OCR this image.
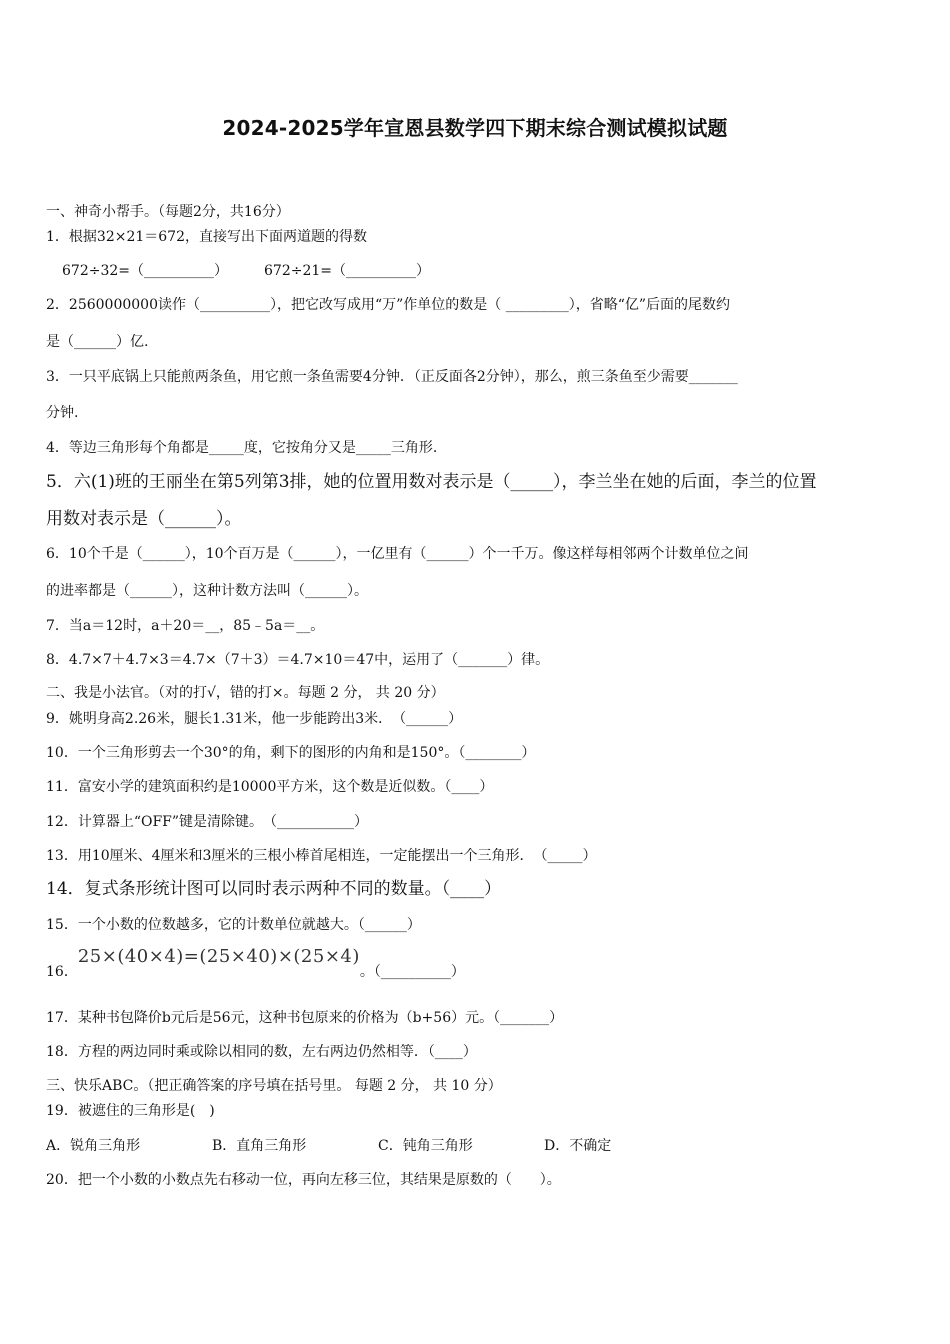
2024-2025学年宣恩县数学四下期末综合测试模拟试题
一、神奇小帮手。（每题2分，共16分）
1．根据32×21＝672，直接写出下面两道题的得数
672÷32=（__________）	672÷21=（__________）
2．2560000000读作（__________），把它改写成用“万”作单位的数是（ _________），省略“亿”后面的尾数约
是（______）亿.
3．一只平底锅上只能煎两条鱼，用它煎一条鱼需要4分钟．（正反面各2分钟），那么，煎三条鱼至少需要_______
分钟.
4．等边三角形每个角都是_____度，它按角分又是_____三角形.
5．六(1)班的王丽坐在第5列第3排，她的位置用数对表示是（_____），李兰坐在她的后面，李兰的位置
用数对表示是（______）。
6．10个千是（______），10个百万是（______），一亿里有（______）个一千万。像这样每相邻两个计数单位之间
的进率都是（______），这种计数方法叫（______）。
7．当a＝12时，a＋20＝__，85﹣5a＝__。
8．4.7×7＋4.7×3＝4.7×（7＋3）＝4.7×10＝47中，运用了（_______）律。
二、我是小法官。（对的打√，错的打×。每题 2 分， 共 20 分）
9．姚明身高2.26米，腿长1.31米，他一步能跨出3米．　（______）
10．一个三角形剪去一个30°的角，剩下的图形的内角和是150°。（________）
11．富安小学的建筑面积约是10000平方米，这个数是近似数。（____）
12．计算器上“OFF”键是清除键。　（___________）
13．用10厘米、4厘米和3厘米的三根小棒首尾相连，一定能摆出一个三角形．　（_____）
14．复式条形统计图可以同时表示两种不同的数量。（____）
15．一个小数的位数越多，它的计数单位就越大。（______）
16．25×(40×4)=(25×40)×(25×4)。（__________）
17．某种书包降价b元后是56元，这种书包原来的价格为（b+56）元。（_______）
18．方程的两边同时乘或除以相同的数，左右两边仍然相等．（____）
三、快乐ABC。（把正确答案的序号填在括号里。 每题 2 分， 共 10 分）
19．被遮住的三角形是(　)
A．锐角三角形	B．直角三角形	C．钝角三角形	D．不确定
20．把一个小数的小数点先右移动一位，再向左移三位，其结果是原数的（　　）。
